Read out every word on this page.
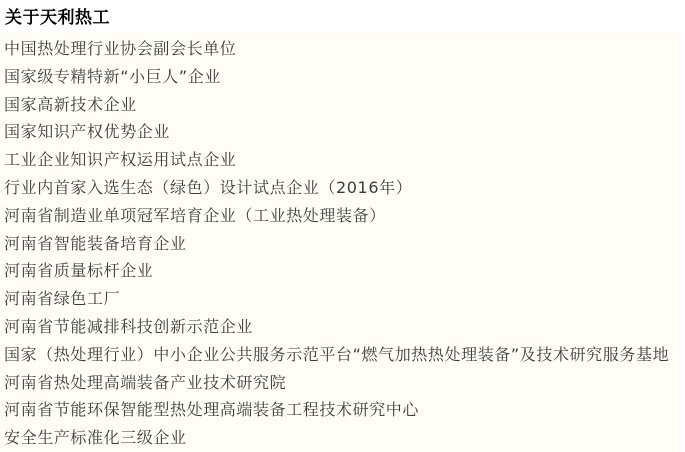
关于天利热工
中国热处理行业协会副会长单位
国家级专精特新“小巨人”企业
国家高新技术企业
国家知识产权优势企业
工业企业知识产权运用试点企业
行业内首家入选生态（绿色）设计试点企业（2016年）
河南省制造业单项冠军培育企业（工业热处理装备）
河南省智能装备培育企业
河南省质量标杆企业
河南省绿色工厂
河南省节能减排科技创新示范企业
国家（热处理行业）中小企业公共服务示范平台“燃气加热热处理装备”及技术研究服务基地
河南省热处理高端装备产业技术研究院
河南省节能环保智能型热处理高端装备工程技术研究中心
安全生产标准化三级企业
